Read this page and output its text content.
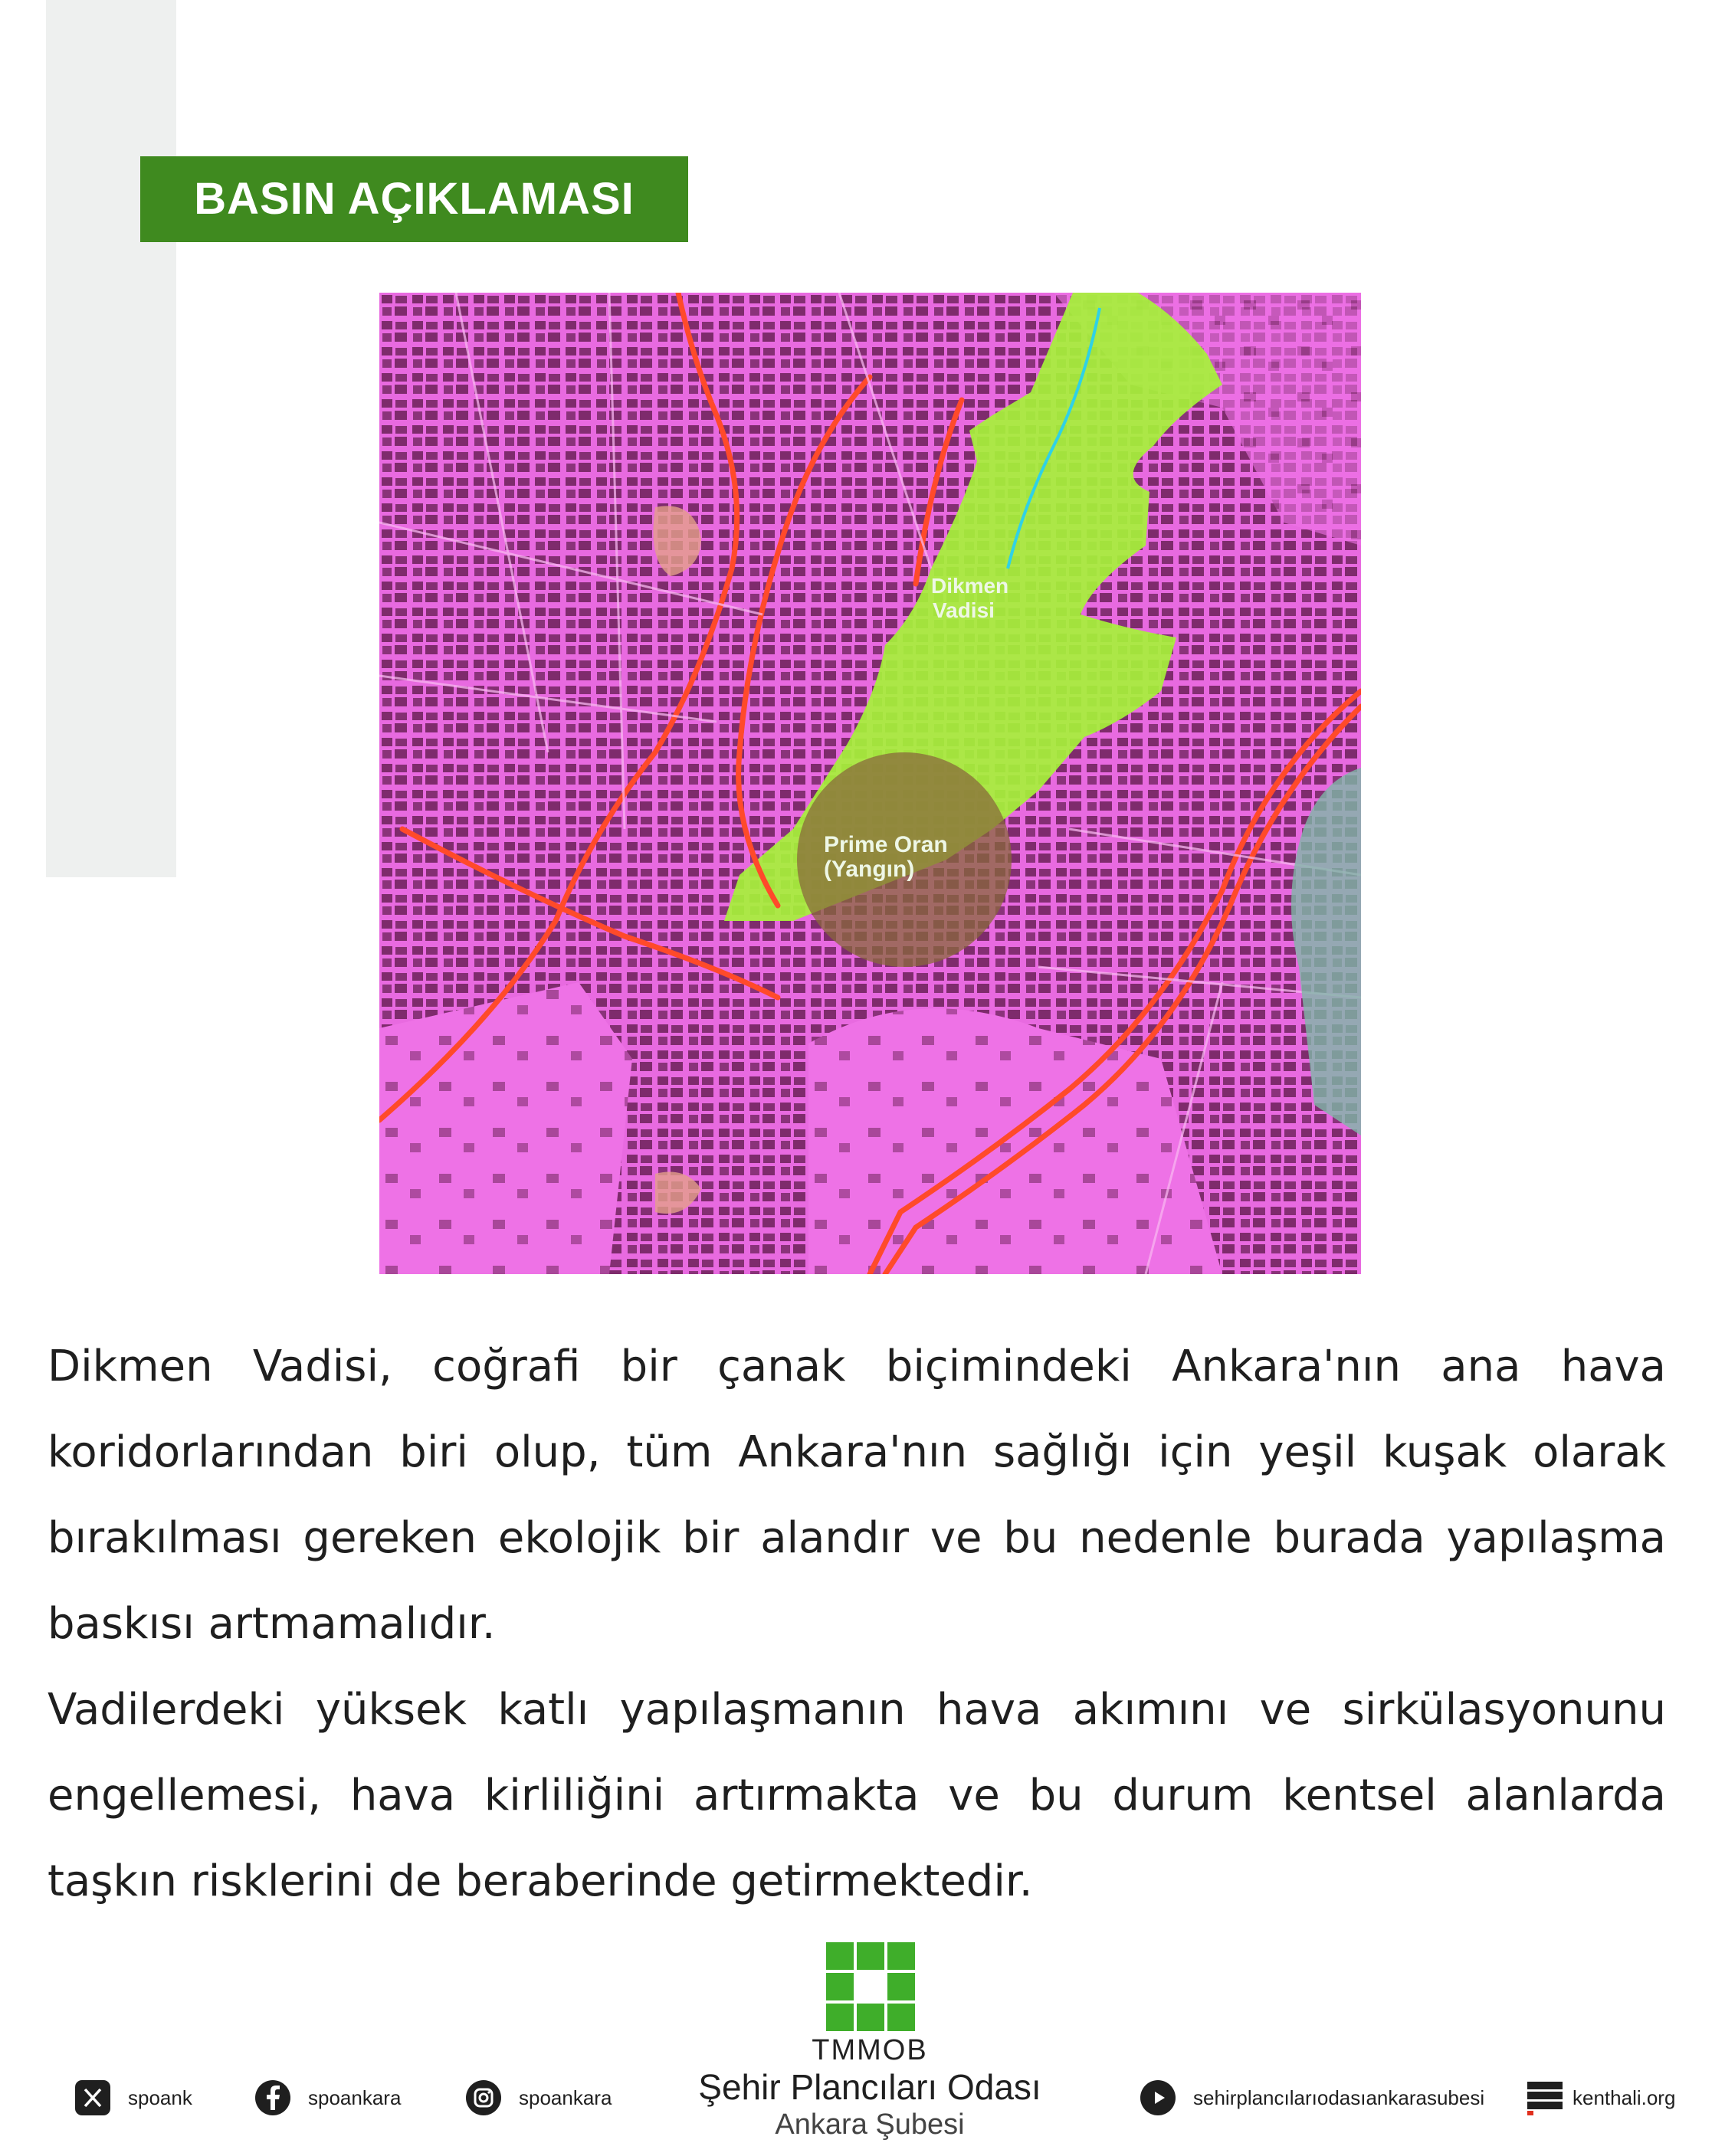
BASIN AÇIKLAMASI
Dikmen
Vadisi
Prime Oran
(Yangın)

Dikmen Vadisi, coğrafi bir çanak biçimindeki Ankara'nın ana hava koridorlarından biri olup, tüm Ankara'nın sağlığı için yeşil kuşak olarak bırakılması gereken ekolojik bir alandır ve bu nedenle burada yapılaşma baskısı artmamalıdır.

Vadilerdeki yüksek katlı yapılaşmanın hava akımını ve sirkülasyonunu engellemesi, hava kirliliğini artırmakta ve bu durum kentsel alanlarda taşkın risklerini de beraberinde getirmektedir.

TMMOB
Şehir Plancıları Odası
Ankara Şubesi
spoank	spoankara	spoankara	sehirplancılarıodasıankarasubesi	kenthali.org
